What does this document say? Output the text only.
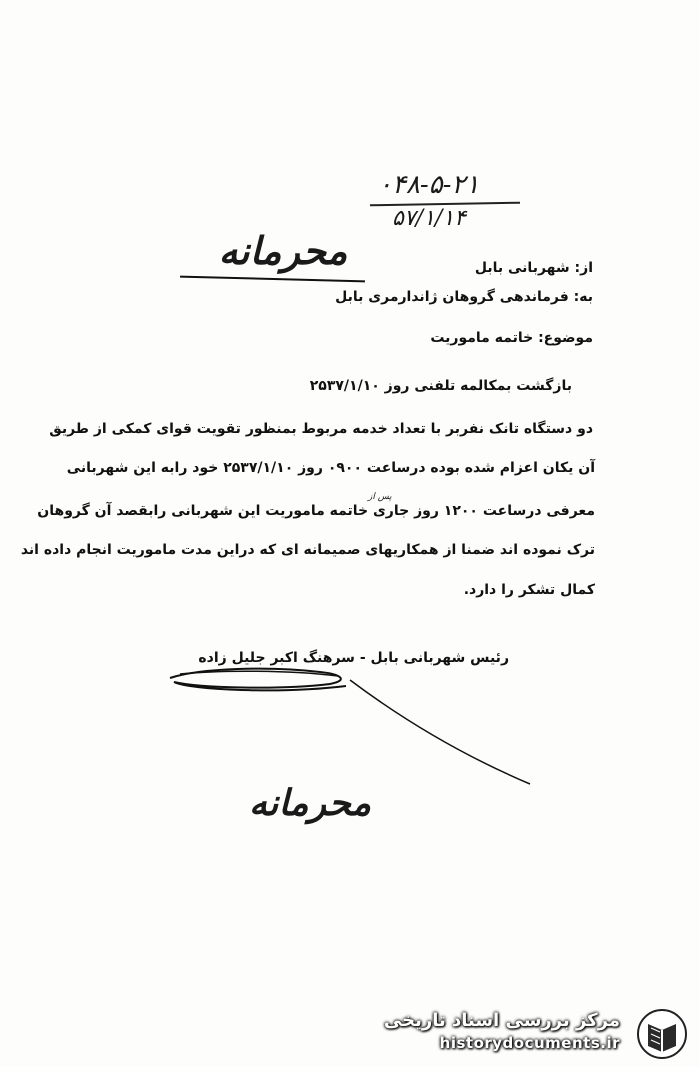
۰۴۸-۵-۲۱
۵۷/۱/۱۴
محرمانه	از: شهربانی بابل
به: فرماندهی گروهان ژاندارمری بابل
موضوع: خاتمه ماموریت
بازگشت بمکالمه تلفنی روز ۲۵۳۷/۱/۱۰
دو دستگاه تانک نفربر با تعداد خدمه مربوط بمنظور تقویت قوای کمکی از طریق
آن یکان اعزام شده بوده درساعت ۰۹۰۰ روز ۲۵۳۷/۱/۱۰ خود رابه این شهربانی
پس از
معرفی درساعت ۱۲۰۰ روز جاری خاتمه ماموریت این شهربانی رابقصد آن گروهان
ترک نموده اند ضمنا از همکاریهای صمیمانه ای که دراین مدت ماموریت انجام داده اند
کمال تشکر را دارد.
رئیس شهربانی بابل - سرهنگ اکبر جلیل زاده
محرمانه
مرکز بررسی اسناد تاریخی
historydocuments.ir
